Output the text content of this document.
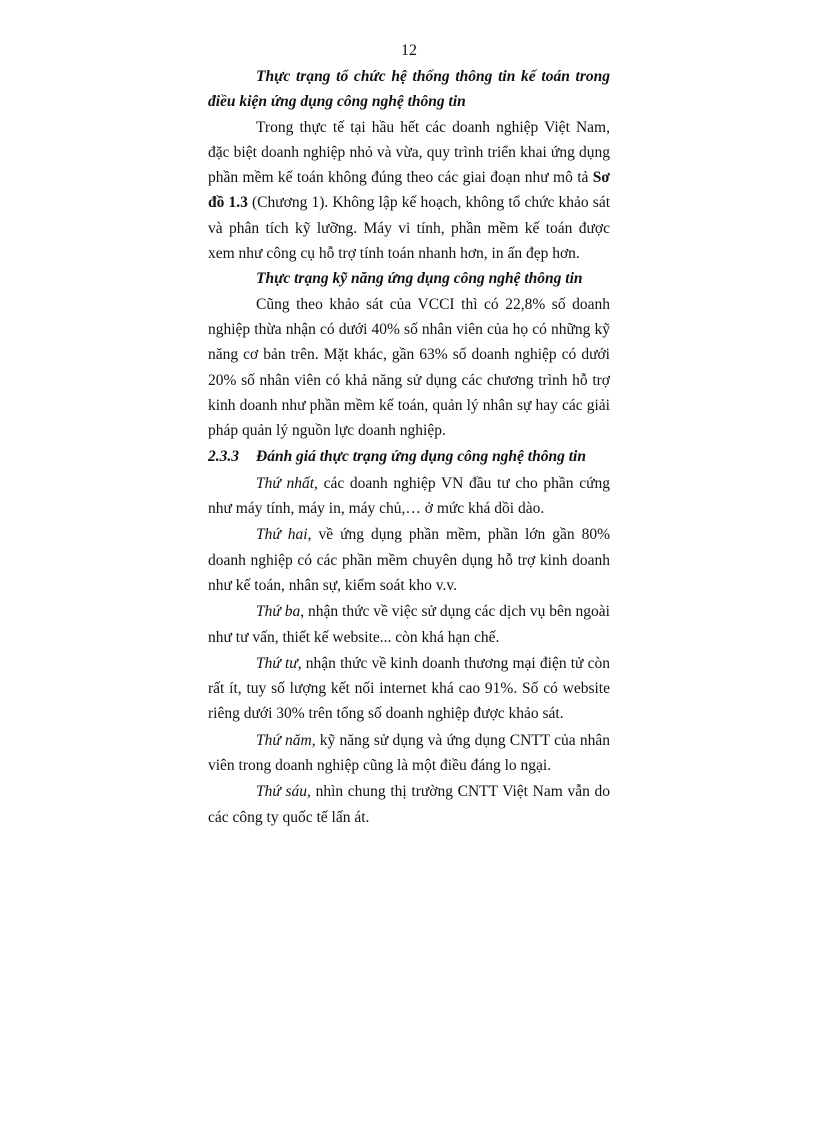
12

Thực trạng tổ chức hệ thống thông tin kế toán trong điều kiện ứng dụng công nghệ thông tin

Trong thực tế tại hầu hết các doanh nghiệp Việt Nam, đặc biệt doanh nghiệp nhỏ và vừa, quy trình triển khai ứng dụng phần mềm kế toán không đúng theo các giai đoạn như mô tả Sơ đồ 1.3 (Chương 1). Không lập kế hoạch, không tổ chức khảo sát và phân tích kỹ lưỡng. Máy vi tính, phần mềm kế toán được xem như công cụ hỗ trợ tính toán nhanh hơn, in ấn đẹp hơn.

Thực trạng kỹ năng ứng dụng công nghệ thông tin

Cũng theo khảo sát của VCCI thì có 22,8% số doanh nghiệp thừa nhận có dưới 40% số nhân viên của họ có những kỹ năng cơ bản trên. Mặt khác, gần 63% số doanh nghiệp có dưới 20% số nhân viên có khả năng sử dụng các chương trình hỗ trợ kinh doanh như phần mềm kế toán, quản lý nhân sự hay các giải pháp quản lý nguồn lực doanh nghiệp.

2.3.3 Đánh giá thực trạng ứng dụng công nghệ thông tin

Thứ nhất, các doanh nghiệp VN đầu tư cho phần cứng như máy tính, máy in, máy chủ,… ở mức khá dồi dào.

Thứ hai, về ứng dụng phần mềm, phần lớn gần 80% doanh nghiệp có các phần mềm chuyên dụng hỗ trợ kinh doanh như kế toán, nhân sự, kiểm soát kho v.v.

Thứ ba, nhận thức về việc sử dụng các dịch vụ bên ngoài như tư vấn, thiết kế website... còn khá hạn chế.

Thứ tư, nhận thức về kinh doanh thương mại điện tử còn rất ít, tuy số lượng kết nối internet khá cao 91%. Số có website riêng dưới 30% trên tổng số doanh nghiệp được khảo sát.

Thứ năm, kỹ năng sử dụng và ứng dụng CNTT của nhân viên trong doanh nghiệp cũng là một điều đáng lo ngại.

Thứ sáu, nhìn chung thị trường CNTT Việt Nam vẫn do các công ty quốc tế lấn át.
